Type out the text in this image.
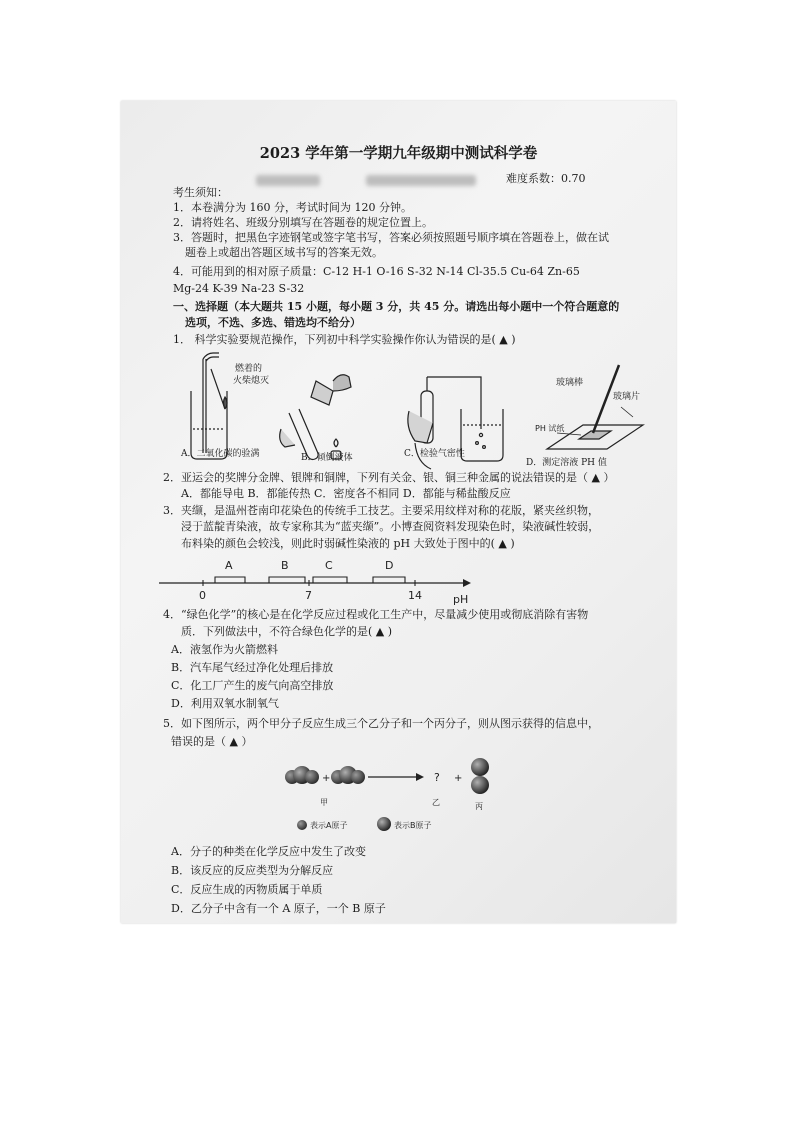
2023 学年第一学期九年级期中测试科学卷
难度系数：0.70
考生须知：
1．本卷满分为 160 分，考试时间为 120 分钟。
2．请将姓名、班级分别填写在答题卷的规定位置上。
3．答题时，把黑色字迹钢笔或签字笔书写，答案必须按照题号顺序填在答题卷上，做在试
题卷上或超出答题区域书写的答案无效。
4．可能用到的相对原子质量：C-12 H-1 O-16 S-32 N-14 Cl-35.5 Cu-64 Zn-65
Mg-24 K-39 Na-23 S-32
一、选择题（本大题共 15 小题，每小题 3 分，共 45 分。请选出每小题中一个符合题意的
选项，不选、多选、错选均不给分）
1． 科学实验要规范操作，下列初中科学实验操作你认为错误的是( ▲ )
燃着的
火柴熄灭	玻璃棒
玻璃片
PH 试纸
A．二氧化碳的验满	B．倾倒液体	C．检验气密性
D．测定溶液 PH 值
2．亚运会的奖牌分金牌、银牌和铜牌，下列有关金、银、铜三种金属的说法错误的是（ ▲ ）
A．都能导电 B．都能传热 C．密度各不相同 D．都能与稀盐酸反应
3．夹缬，是温州苍南印花染色的传统手工技艺。主要采用纹样对称的花版，紧夹丝织物，
浸于蓝靛青染液，故专家称其为“蓝夹缬”。小博查阅资料发现染色时，染液碱性较弱，
布料染的颜色会较浅，则此时弱碱性染液的 pH 大致处于图中的( ▲ )
A	B	C	D
0	7	14	pH
4．“绿色化学”的核心是在化学反应过程或化工生产中，尽量减少使用或彻底消除有害物
质．下列做法中，不符合绿色化学的是( ▲ )
A．液氢作为火箭燃料
B．汽车尾气经过净化处理后排放
C．化工厂产生的废气向高空排放
D．利用双氧水制氧气
5．如下图所示，两个甲分子反应生成三个乙分子和一个丙分子，则从图示获得的信息中，
错误的是（ ▲ ）
+	? +
甲	乙	丙
表示A原子	表示B原子
A．分子的种类在化学反应中发生了改变
B．该反应的反应类型为分解反应
C．反应生成的丙物质属于单质
D．乙分子中含有一个 A 原子，一个 B 原子
